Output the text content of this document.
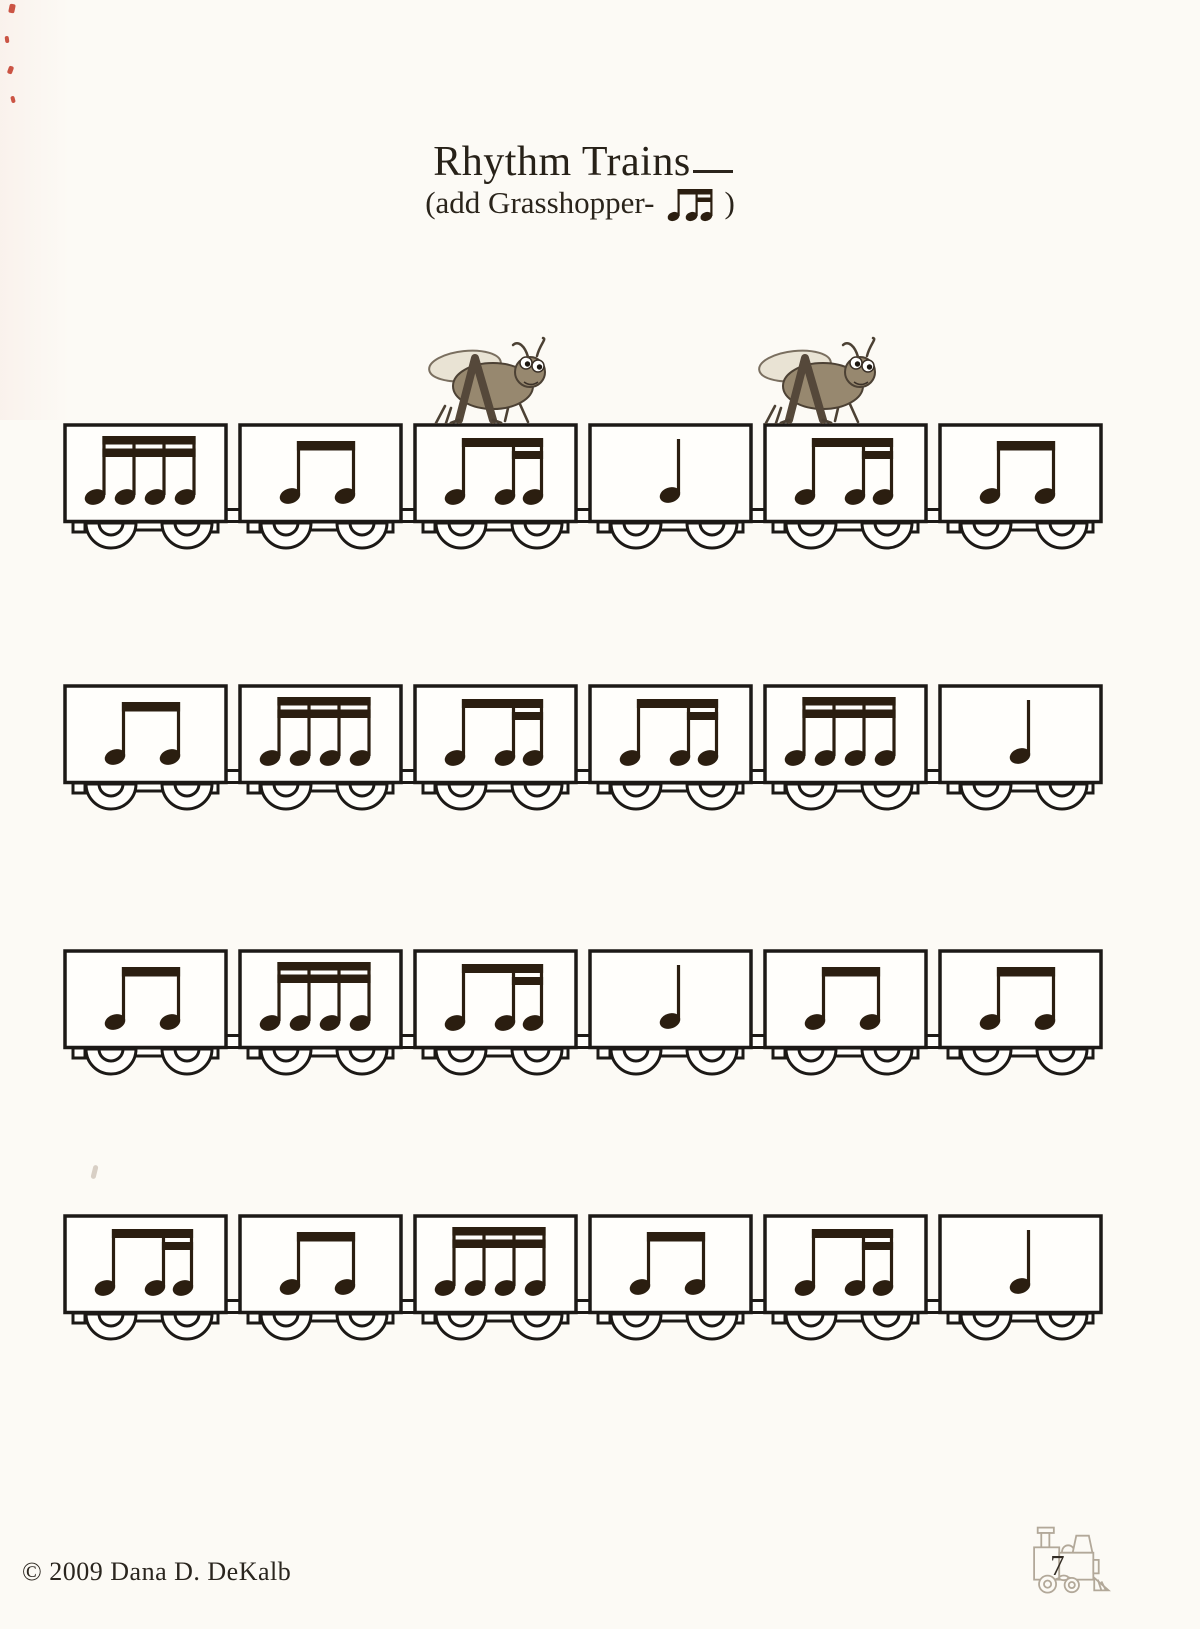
Rhythm Trains
(add Grasshopper- )
© 2009 Dana D. DeKalb	7
